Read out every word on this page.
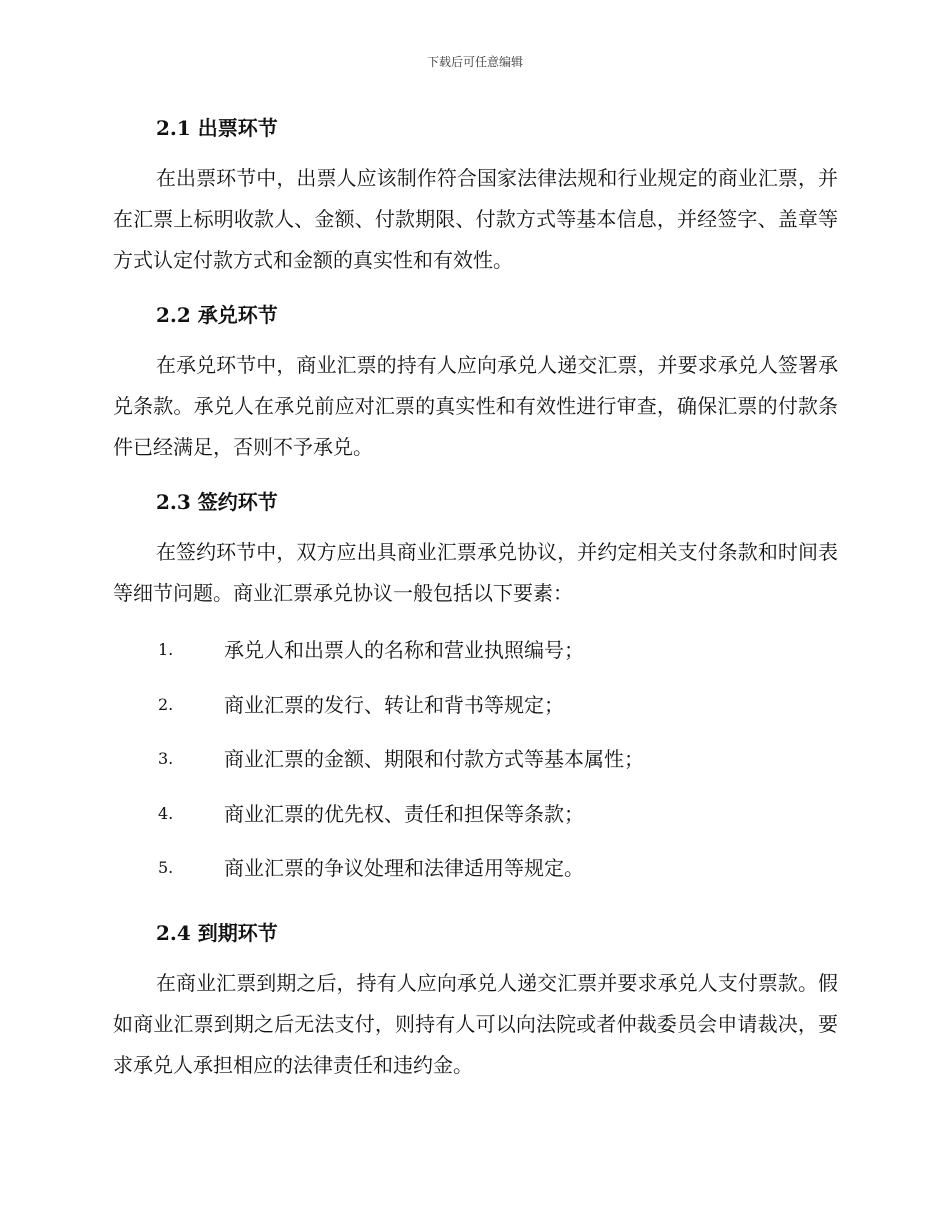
下载后可任意编辑
2.1 出票环节

在出票环节中，出票人应该制作符合国家法律法规和行业规定的商业汇票，并在汇票上标明收款人、金额、付款期限、付款方式等基本信息，并经签字、盖章等方式认定付款方式和金额的真实性和有效性。

2.2 承兑环节

在承兑环节中，商业汇票的持有人应向承兑人递交汇票，并要求承兑人签署承兑条款。承兑人在承兑前应对汇票的真实性和有效性进行审查，确保汇票的付款条件已经满足，否则不予承兑。

2.3 签约环节

在签约环节中，双方应出具商业汇票承兑协议，并约定相关支付条款和时间表等细节问题。商业汇票承兑协议一般包括以下要素：

1.	承兑人和出票人的名称和营业执照编号；
2.	商业汇票的发行、转让和背书等规定；
3.	商业汇票的金额、期限和付款方式等基本属性；
4.	商业汇票的优先权、责任和担保等条款；
5.	商业汇票的争议处理和法律适用等规定。
2.4 到期环节

在商业汇票到期之后，持有人应向承兑人递交汇票并要求承兑人支付票款。假如商业汇票到期之后无法支付，则持有人可以向法院或者仲裁委员会申请裁决，要求承兑人承担相应的法律责任和违约金。
